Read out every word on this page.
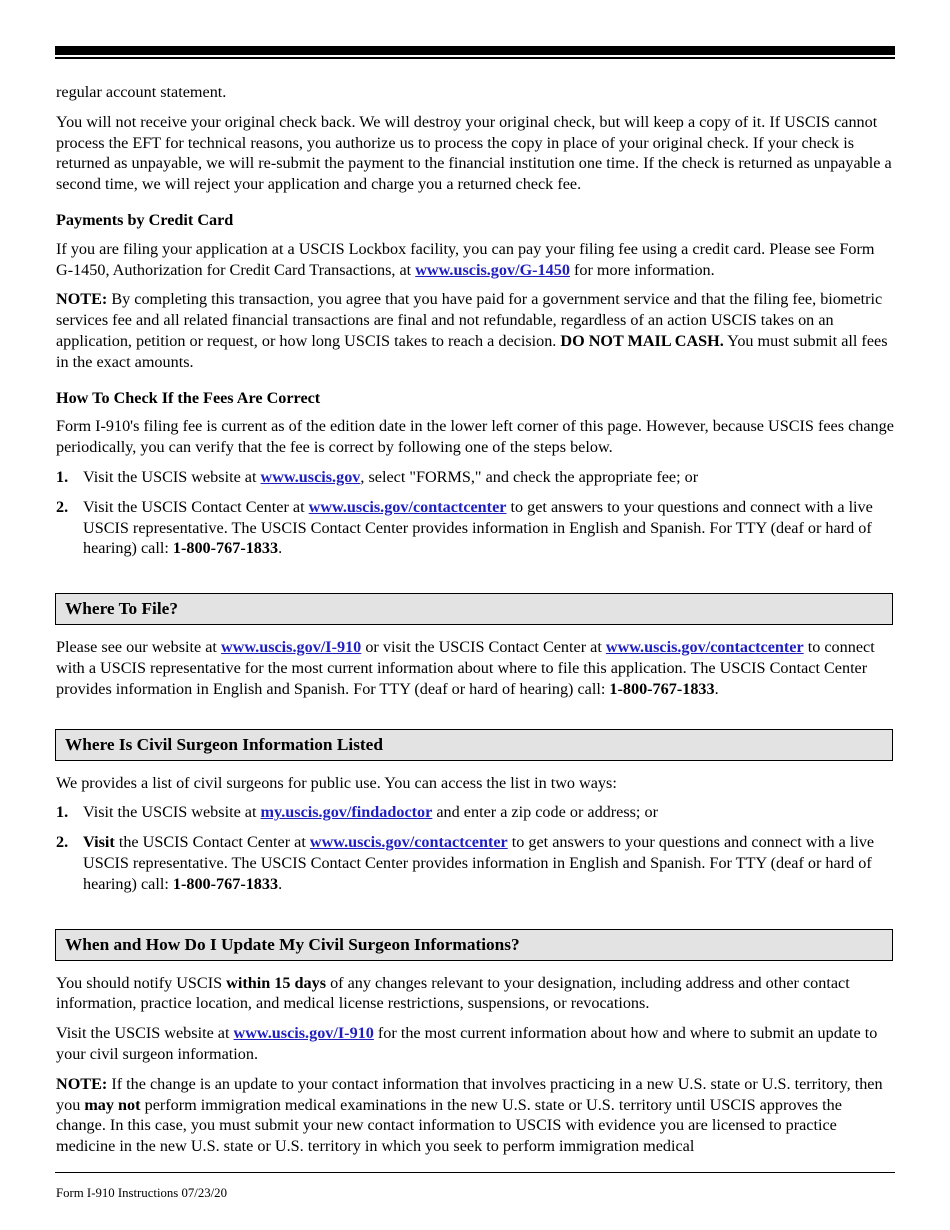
regular account statement.

You will not receive your original check back. We will destroy your original check, but will keep a copy of it. If USCIS cannot process the EFT for technical reasons, you authorize us to process the copy in place of your original check. If your check is returned as unpayable, we will re-submit the payment to the financial institution one time. If the check is returned as unpayable a second time, we will reject your application and charge you a returned check fee.

Payments by Credit Card

If you are filing your application at a USCIS Lockbox facility, you can pay your filing fee using a credit card. Please see Form G-1450, Authorization for Credit Card Transactions, at www.uscis.gov/G-1450 for more information.

NOTE: By completing this transaction, you agree that you have paid for a government service and that the filing fee, biometric services fee and all related financial transactions are final and not refundable, regardless of an action USCIS takes on an application, petition or request, or how long USCIS takes to reach a decision. DO NOT MAIL CASH. You must submit all fees in the exact amounts.

How To Check If the Fees Are Correct

Form I-910's filing fee is current as of the edition date in the lower left corner of this page. However, because USCIS fees change periodically, you can verify that the fee is correct by following one of the steps below.

1. Visit the USCIS website at www.uscis.gov, select "FORMS," and check the appropriate fee; or
2. Visit the USCIS Contact Center at www.uscis.gov/contactcenter to get answers to your questions and connect with a live USCIS representative. The USCIS Contact Center provides information in English and Spanish. For TTY (deaf or hard of hearing) call: 1-800-767-1833.
Where To File?

Please see our website at www.uscis.gov/I-910 or visit the USCIS Contact Center at www.uscis.gov/contactcenter to connect with a USCIS representative for the most current information about where to file this application. The USCIS Contact Center provides information in English and Spanish. For TTY (deaf or hard of hearing) call: 1-800-767-1833.

Where Is Civil Surgeon Information Listed

We provides a list of civil surgeons for public use. You can access the list in two ways:

1. Visit the USCIS website at my.uscis.gov/findadoctor and enter a zip code or address; or
2. Visit the USCIS Contact Center at www.uscis.gov/contactcenter to get answers to your questions and connect with a live USCIS representative. The USCIS Contact Center provides information in English and Spanish. For TTY (deaf or hard of hearing) call: 1-800-767-1833.
When and How Do I Update My Civil Surgeon Informations?

You should notify USCIS within 15 days of any changes relevant to your designation, including address and other contact information, practice location, and medical license restrictions, suspensions, or revocations.

Visit the USCIS website at www.uscis.gov/I-910 for the most current information about how and where to submit an update to your civil surgeon information.

NOTE: If the change is an update to your contact information that involves practicing in a new U.S. state or U.S. territory, then you may not perform immigration medical examinations in the new U.S. state or U.S. territory until USCIS approves the change. In this case, you must submit your new contact information to USCIS with evidence you are licensed to practice medicine in the new U.S. state or U.S. territory in which you seek to perform immigration medical

Form I-910 Instructions 07/23/20
